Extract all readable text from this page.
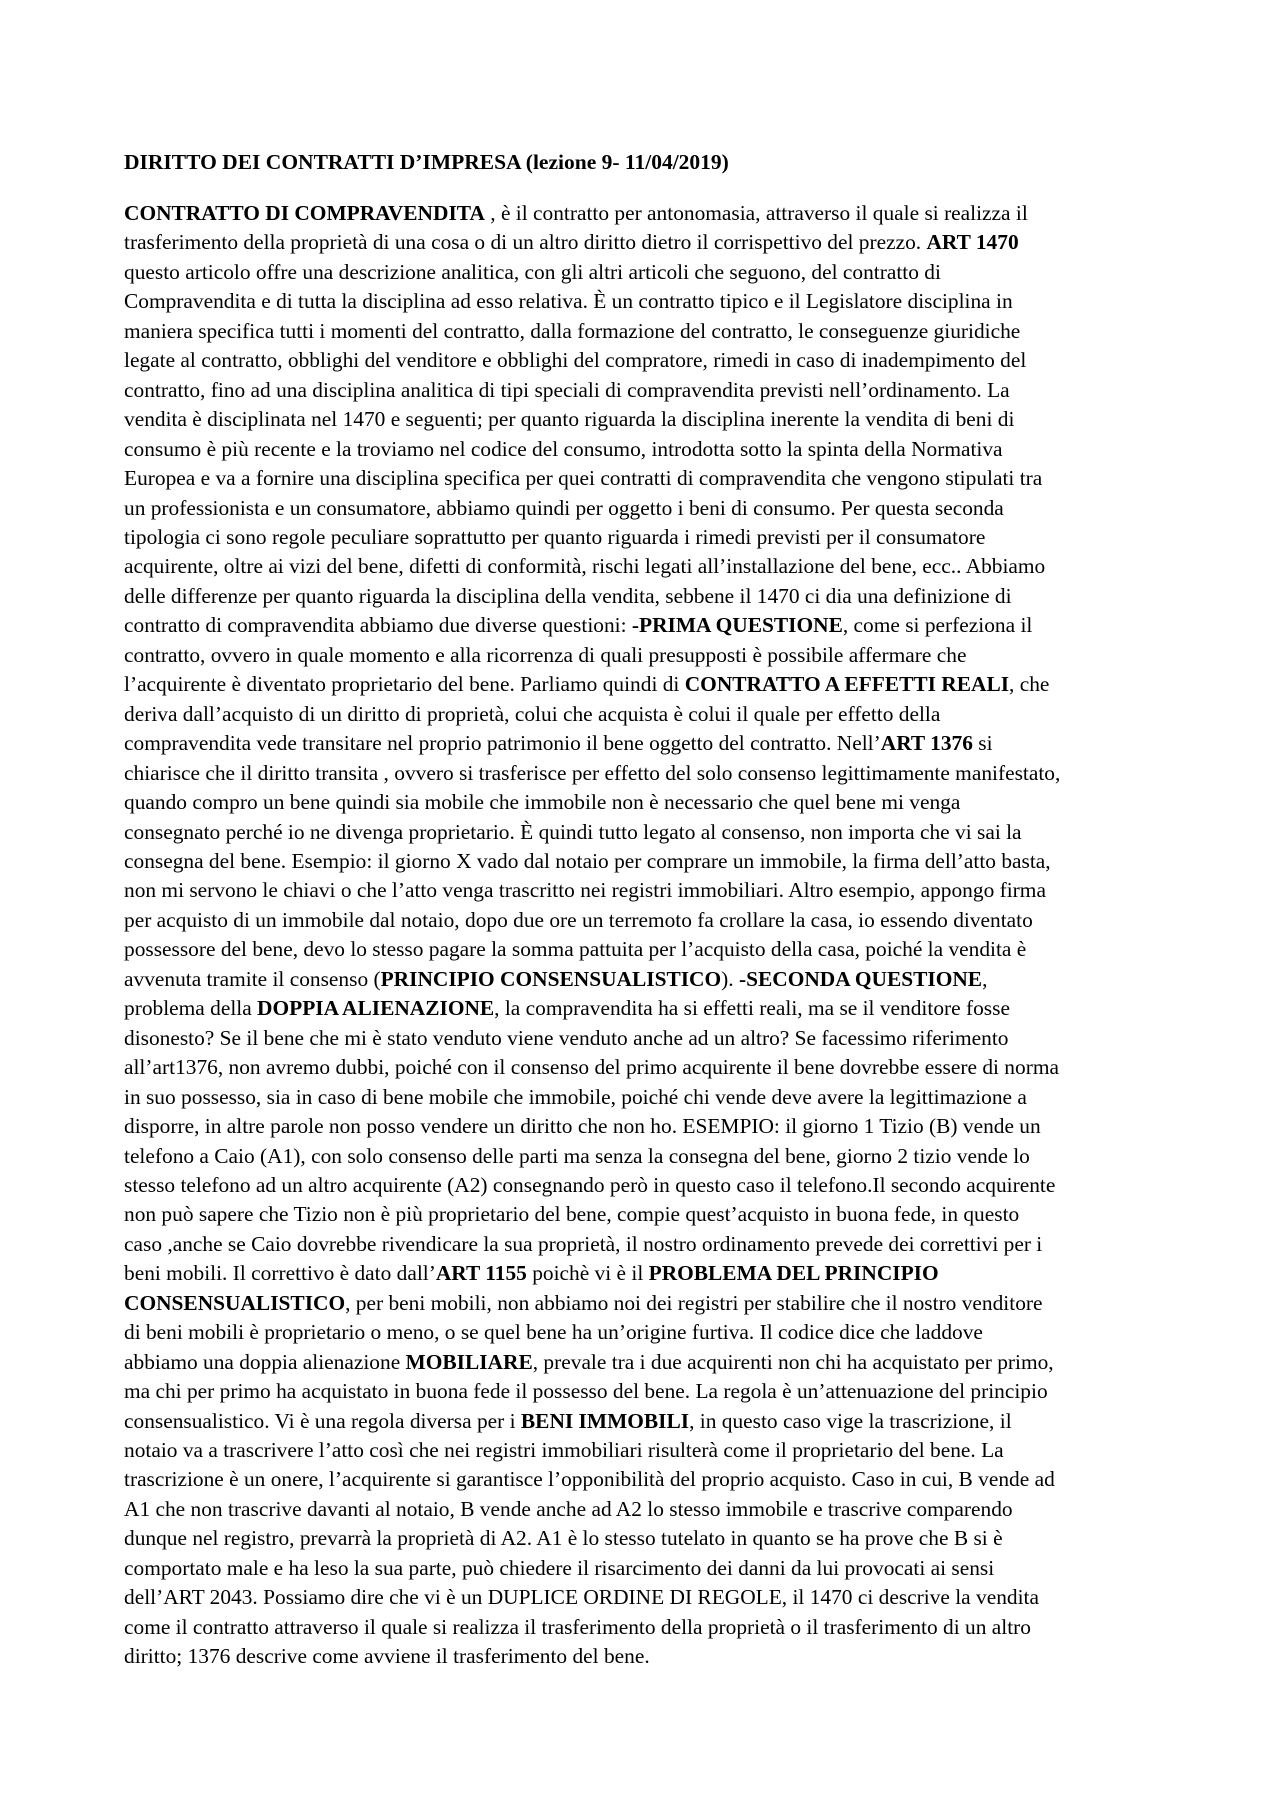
DIRITTO DEI CONTRATTI D’IMPRESA (lezione 9- 11/04/2019)
CONTRATTO DI COMPRAVENDITA , è il contratto per antonomasia, attraverso il quale si realizza il
trasferimento della proprietà di una cosa o di un altro diritto dietro il corrispettivo del prezzo. ART 1470
questo articolo offre una descrizione analitica, con gli altri articoli che seguono, del contratto di
Compravendita e di tutta la disciplina ad esso relativa. È un contratto tipico e il Legislatore disciplina in
maniera specifica tutti i momenti del contratto, dalla formazione del contratto, le conseguenze giuridiche
legate al contratto, obblighi del venditore e obblighi del compratore, rimedi in caso di inadempimento del
contratto, fino ad una disciplina analitica di tipi speciali di compravendita previsti nell’ordinamento. La
vendita è disciplinata nel 1470 e seguenti; per quanto riguarda la disciplina inerente la vendita di beni di
consumo è più recente e la troviamo nel codice del consumo, introdotta sotto la spinta della Normativa
Europea e va a fornire una disciplina specifica per quei contratti di compravendita che vengono stipulati tra
un professionista e un consumatore, abbiamo quindi per oggetto i beni di consumo. Per questa seconda
tipologia ci sono regole peculiare soprattutto per quanto riguarda i rimedi previsti per il consumatore
acquirente, oltre ai vizi del bene, difetti di conformità, rischi legati all’installazione del bene, ecc.. Abbiamo
delle differenze per quanto riguarda la disciplina della vendita, sebbene il 1470 ci dia una definizione di
contratto di compravendita abbiamo due diverse questioni: -PRIMA QUESTIONE, come si perfeziona il
contratto, ovvero in quale momento e alla ricorrenza di quali presupposti è possibile affermare che
l’acquirente è diventato proprietario del bene. Parliamo quindi di CONTRATTO A EFFETTI REALI, che
deriva dall’acquisto di un diritto di proprietà, colui che acquista è colui il quale per effetto della
compravendita vede transitare nel proprio patrimonio il bene oggetto del contratto. Nell’ART 1376 si
chiarisce che il diritto transita , ovvero si trasferisce per effetto del solo consenso legittimamente manifestato,
quando compro un bene quindi sia mobile che immobile non è necessario che quel bene mi venga
consegnato perché io ne divenga proprietario. È quindi tutto legato al consenso, non importa che vi sai la
consegna del bene. Esempio: il giorno X vado dal notaio per comprare un immobile, la firma dell’atto basta,
non mi servono le chiavi o che l’atto venga trascritto nei registri immobiliari. Altro esempio, appongo firma
per acquisto di un immobile dal notaio, dopo due ore un terremoto fa crollare la casa, io essendo diventato
possessore del bene, devo lo stesso pagare la somma pattuita per l’acquisto della casa, poiché la vendita è
avvenuta tramite il consenso (PRINCIPIO CONSENSUALISTICO). -SECONDA QUESTIONE,
problema della DOPPIA ALIENAZIONE, la compravendita ha si effetti reali, ma se il venditore fosse
disonesto? Se il bene che mi è stato venduto viene venduto anche ad un altro? Se facessimo riferimento
all’art1376, non avremo dubbi, poiché con il consenso del primo acquirente il bene dovrebbe essere di norma
in suo possesso, sia in caso di bene mobile che immobile, poiché chi vende deve avere la legittimazione a
disporre, in altre parole non posso vendere un diritto che non ho. ESEMPIO: il giorno 1 Tizio (B) vende un
telefono a Caio (A1), con solo consenso delle parti ma senza la consegna del bene, giorno 2 tizio vende lo
stesso telefono ad un altro acquirente (A2) consegnando però in questo caso il telefono.Il secondo acquirente
non può sapere che Tizio non è più proprietario del bene, compie quest’acquisto in buona fede, in questo
caso ,anche se Caio dovrebbe rivendicare la sua proprietà, il nostro ordinamento prevede dei correttivi per i
beni mobili. Il correttivo è dato dall’ART 1155 poichè vi è il PROBLEMA DEL PRINCIPIO
CONSENSUALISTICO, per beni mobili, non abbiamo noi dei registri per stabilire che il nostro venditore
di beni mobili è proprietario o meno, o se quel bene ha un’origine furtiva. Il codice dice che laddove
abbiamo una doppia alienazione MOBILIARE, prevale tra i due acquirenti non chi ha acquistato per primo,
ma chi per primo ha acquistato in buona fede il possesso del bene. La regola è un’attenuazione del principio
consensualistico. Vi è una regola diversa per i BENI IMMOBILI, in questo caso vige la trascrizione, il
notaio va a trascrivere l’atto così che nei registri immobiliari risulterà come il proprietario del bene. La
trascrizione è un onere, l’acquirente si garantisce l’opponibilità del proprio acquisto. Caso in cui, B vende ad
A1 che non trascrive davanti al notaio, B vende anche ad A2 lo stesso immobile e trascrive comparendo
dunque nel registro, prevarrà la proprietà di A2. A1 è lo stesso tutelato in quanto se ha prove che B si è
comportato male e ha leso la sua parte, può chiedere il risarcimento dei danni da lui provocati ai sensi
dell’ART 2043. Possiamo dire che vi è un DUPLICE ORDINE DI REGOLE, il 1470 ci descrive la vendita
come il contratto attraverso il quale si realizza il trasferimento della proprietà o il trasferimento di un altro
diritto; 1376 descrive come avviene il trasferimento del bene.
